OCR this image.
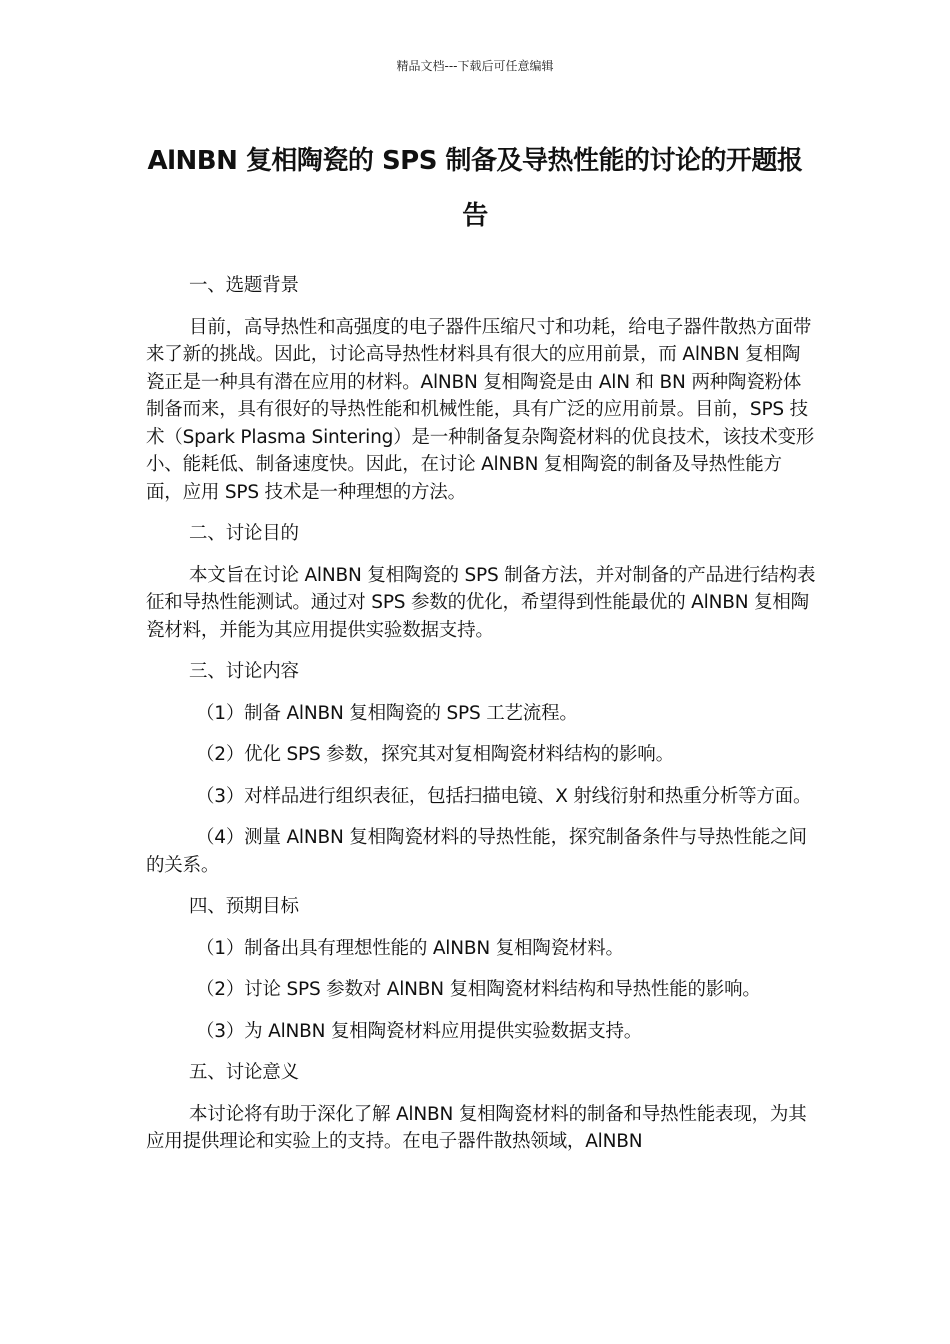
精品文档---下载后可任意编辑
AlNBN 复相陶瓷的 SPS 制备及导热性能的讨论的开题报告

一、选题背景

目前，高导热性和高强度的电子器件压缩尺寸和功耗，给电子器件散热方面带来了新的挑战。因此，讨论高导热性材料具有很大的应用前景，而 AlNBN 复相陶瓷正是一种具有潜在应用的材料。AlNBN 复相陶瓷是由 AlN 和 BN 两种陶瓷粉体制备而来，具有很好的导热性能和机械性能，具有广泛的应用前景。目前，SPS 技术（Spark Plasma Sintering）是一种制备复杂陶瓷材料的优良技术，该技术变形小、能耗低、制备速度快。因此，在讨论 AlNBN 复相陶瓷的制备及导热性能方面，应用 SPS 技术是一种理想的方法。

二、讨论目的

本文旨在讨论 AlNBN 复相陶瓷的 SPS 制备方法，并对制备的产品进行结构表征和导热性能测试。通过对 SPS 参数的优化，希望得到性能最优的 AlNBN 复相陶瓷材料，并能为其应用提供实验数据支持。

三、讨论内容

（1）制备 AlNBN 复相陶瓷的 SPS 工艺流程。

（2）优化 SPS 参数，探究其对复相陶瓷材料结构的影响。

（3）对样品进行组织表征，包括扫描电镜、X 射线衍射和热重分析等方面。

（4）测量 AlNBN 复相陶瓷材料的导热性能，探究制备条件与导热性能之间的关系。

四、预期目标

（1）制备出具有理想性能的 AlNBN 复相陶瓷材料。

（2）讨论 SPS 参数对 AlNBN 复相陶瓷材料结构和导热性能的影响。

（3）为 AlNBN 复相陶瓷材料应用提供实验数据支持。

五、讨论意义

本讨论将有助于深化了解 AlNBN 复相陶瓷材料的制备和导热性能表现，为其应用提供理论和实验上的支持。在电子器件散热领域，AlNBN
